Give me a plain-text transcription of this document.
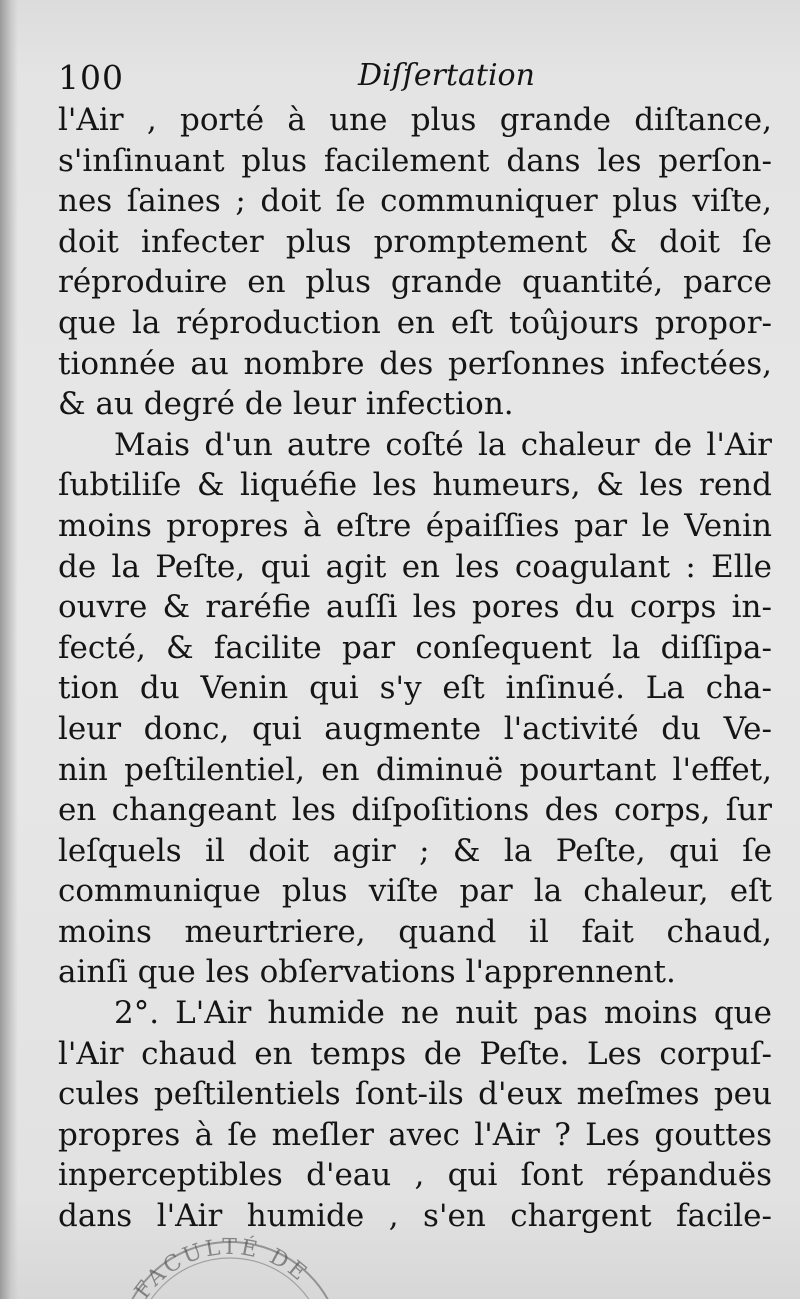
100	Diſſertation
l'Air , porté à une plus grande diſtance,
s'inſinuant plus facilement dans les perſon-
nes ſaines ; doit ſe communiquer plus viſte,
doit infecter plus promptement & doit ſe
réproduire en plus grande quantité, parce
que la réproduction en eſt toûjours propor-
tionnée au nombre des perſonnes infectées,
& au degré de leur infection.
Mais d'un autre coſté la chaleur de l'Air
ſubtiliſe & liquéfie les humeurs, & les rend
moins propres à eſtre épaiſſies par le Venin
de la Peſte, qui agit en les coagulant : Elle
ouvre & raréfie auſſi les pores du corps in-
fecté, & facilite par conſequent la diſſipa-
tion du Venin qui s'y eſt inſinué. La cha-
leur donc, qui augmente l'activité du Ve-
nin peſtilentiel, en diminuë pourtant l'effet,
en changeant les diſpoſitions des corps, ſur
leſquels il doit agir ; & la Peſte, qui ſe
communique plus viſte par la chaleur, eſt
moins meurtriere, quand il fait chaud,
ainſi que les obſervations l'apprennent.
2°. L'Air humide ne nuit pas moins que
l'Air chaud en temps de Peſte. Les corpuſ-
cules peſtilentiels ſont-ils d'eux meſmes peu
propres à ſe meſler avec l'Air ? Les gouttes
inperceptibles d'eau , qui ſont répanduës
dans l'Air humide , s'en chargent facile-
FACULTÉ DE
